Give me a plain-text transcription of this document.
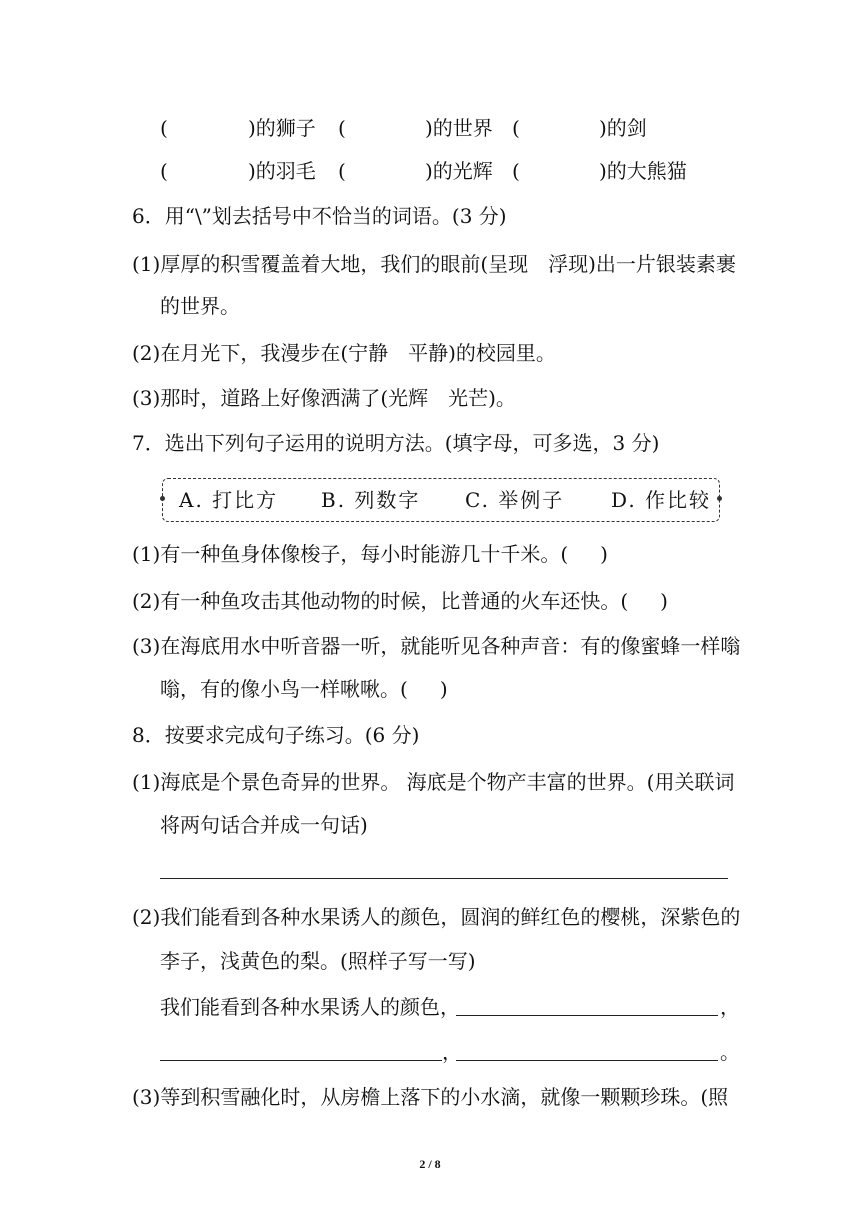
(	)的狮子 (	)的世界 (	)的剑
(	)的羽毛 (	)的光辉 (	)的大熊猫
6．用“\”划去括号中不恰当的词语。(3 分)
(1)厚厚的积雪覆盖着大地，我们的眼前(呈现　浮现)出一片银装素裹
的世界。
(2)在月光下，我漫步在(宁静　平静)的校园里。
(3)那时，道路上好像洒满了(光辉　光芒)。
7．选出下列句子运用的说明方法。(填字母，可多选，3 分)
A. 打比方 B. 列数字 C. 举例子 D. 作比较
(1)有一种鱼身体像梭子，每小时能游几十千米。( )
(2)有一种鱼攻击其他动物的时候，比普通的火车还快。( )
(3)在海底用水中听音器一听，就能听见各种声音：有的像蜜蜂一样嗡
嗡，有的像小鸟一样啾啾。( )
8．按要求完成句子练习。(6 分)
(1)海底是个景色奇异的世界。 海底是个物产丰富的世界。(用关联词
将两句话合并成一句话)
(2)我们能看到各种水果诱人的颜色，圆润的鲜红色的樱桃，深紫色的
李子，浅黄色的梨。(照样子写一写)
我们能看到各种水果诱人的颜色，	，
，	。
(3)等到积雪融化时，从房檐上落下的小水滴，就像一颗颗珍珠。(照
2 / 8
